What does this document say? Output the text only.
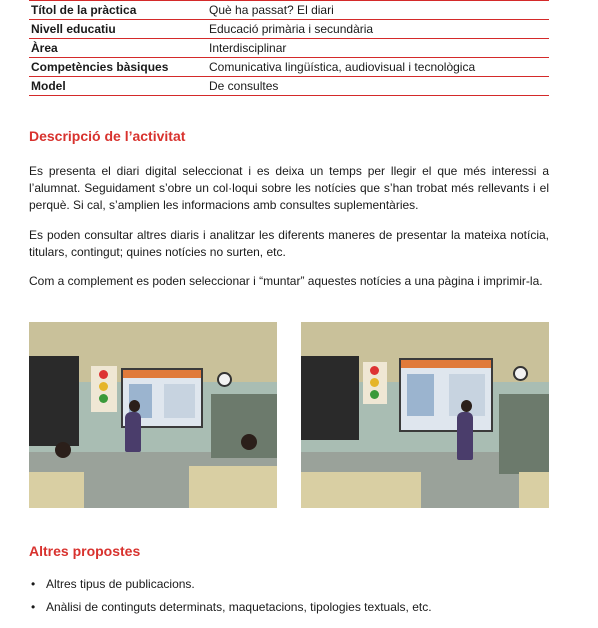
Títol de la pràctica	Què ha passat? El diari
Nivell educatiu	Educació primària i secundària
Àrea	Interdisciplinar
Competències bàsiques	Comunicativa lingüística, audiovisual i tecnològica
Model	De consultes
Descripció de l’activitat

Es presenta el diari digital seleccionat i es deixa un temps per llegir el que més interessi a l’alumnat. Seguidament s’obre un col·loqui sobre les notícies que s’han trobat més rellevants i el perquè. Si cal, s’amplien les informacions amb consultes suplementàries.

Es poden consultar altres diaris i analitzar les diferents maneres de presentar la mateixa notícia, titulars, contingut; quines notícies no surten, etc.

Com a complement es poden seleccionar i “muntar” aquestes notícies a una pàgina i imprimir-la.

Altres propostes
• Altres tipus de publicacions.
• Anàlisi de continguts determinats, maquetacions, tipologies textuals, etc.
